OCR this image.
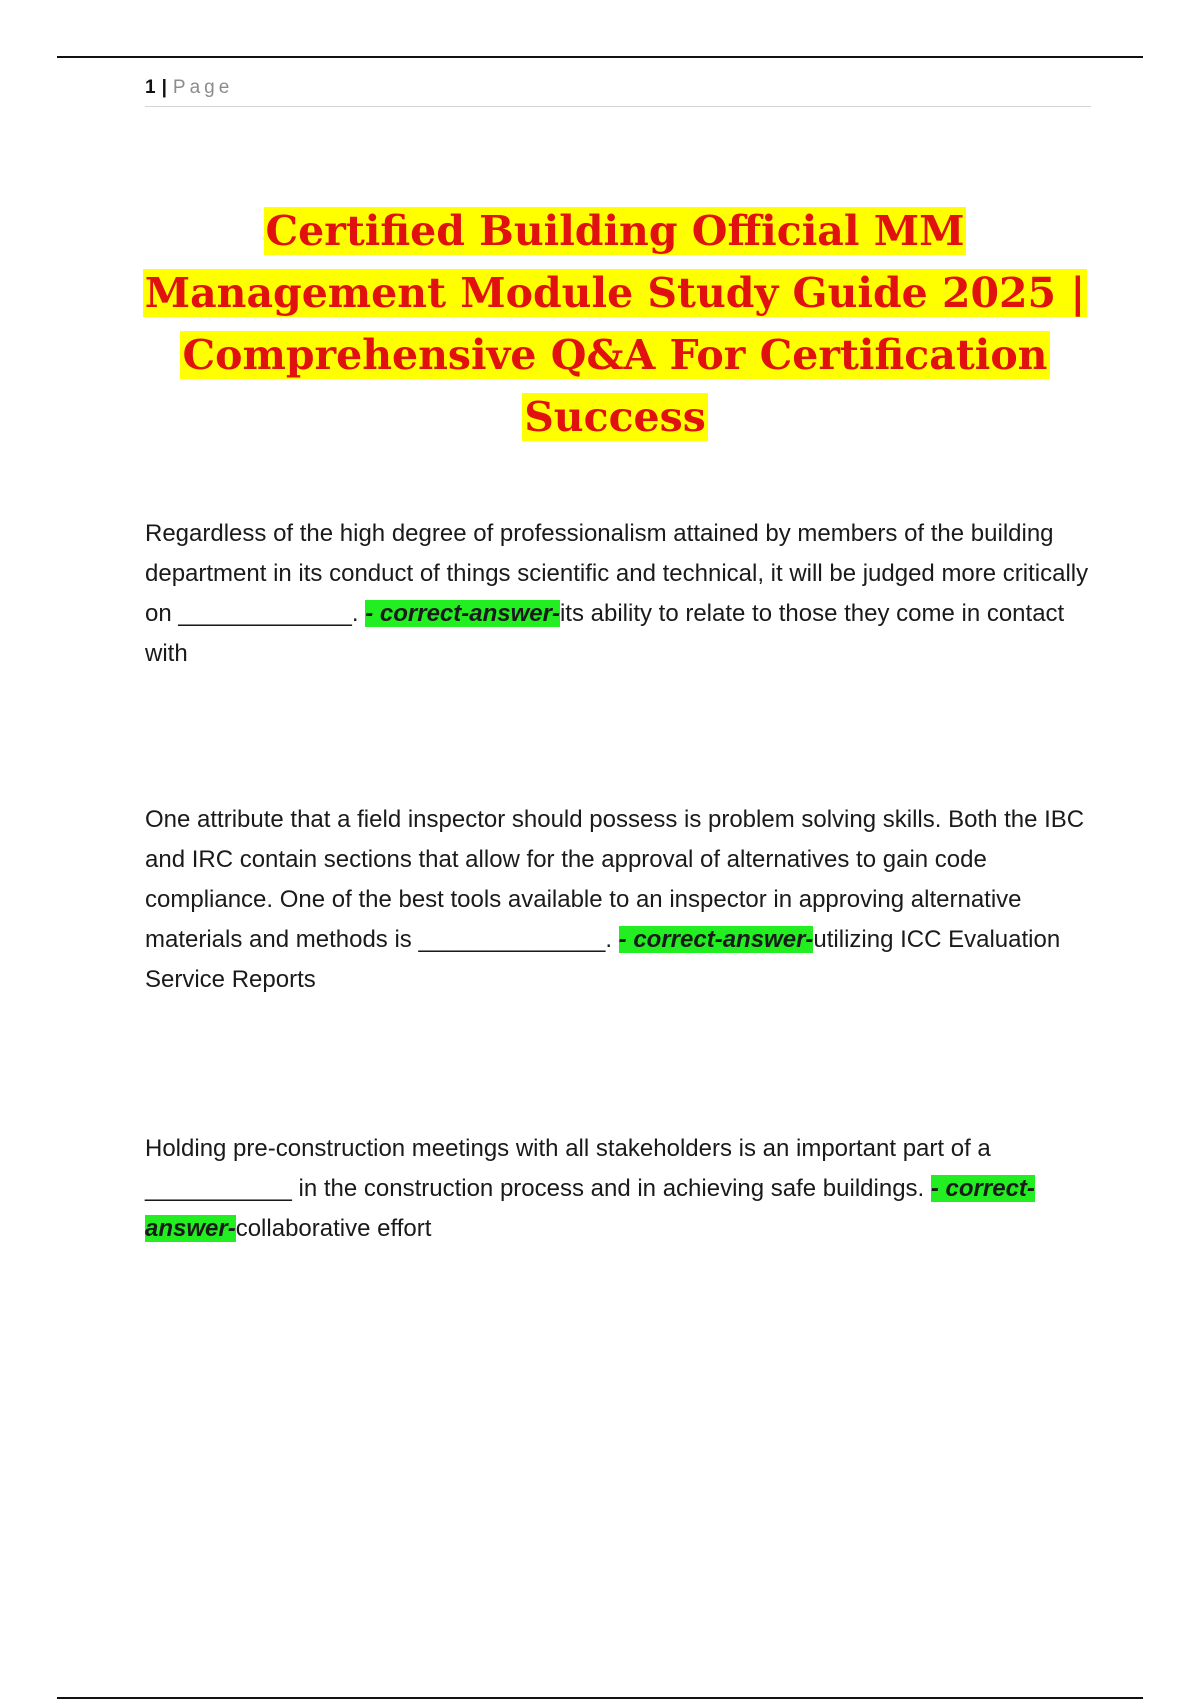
1 | Page
Certified Building Official MM Management Module Study Guide 2025 | Comprehensive Q&A For Certification Success

Regardless of the high degree of professionalism attained by members of the building department in its conduct of things scientific and technical, it will be judged more critically on _____________. - correct-answer-its ability to relate to those they come in contact with

One attribute that a field inspector should possess is problem solving skills. Both the IBC and IRC contain sections that allow for the approval of alternatives to gain code compliance. One of the best tools available to an inspector in approving alternative materials and methods is ______________. - correct-answer-utilizing ICC Evaluation Service Reports

Holding pre-construction meetings with all stakeholders is an important part of a ___________ in the construction process and in achieving safe buildings. - correct-answer-collaborative effort
